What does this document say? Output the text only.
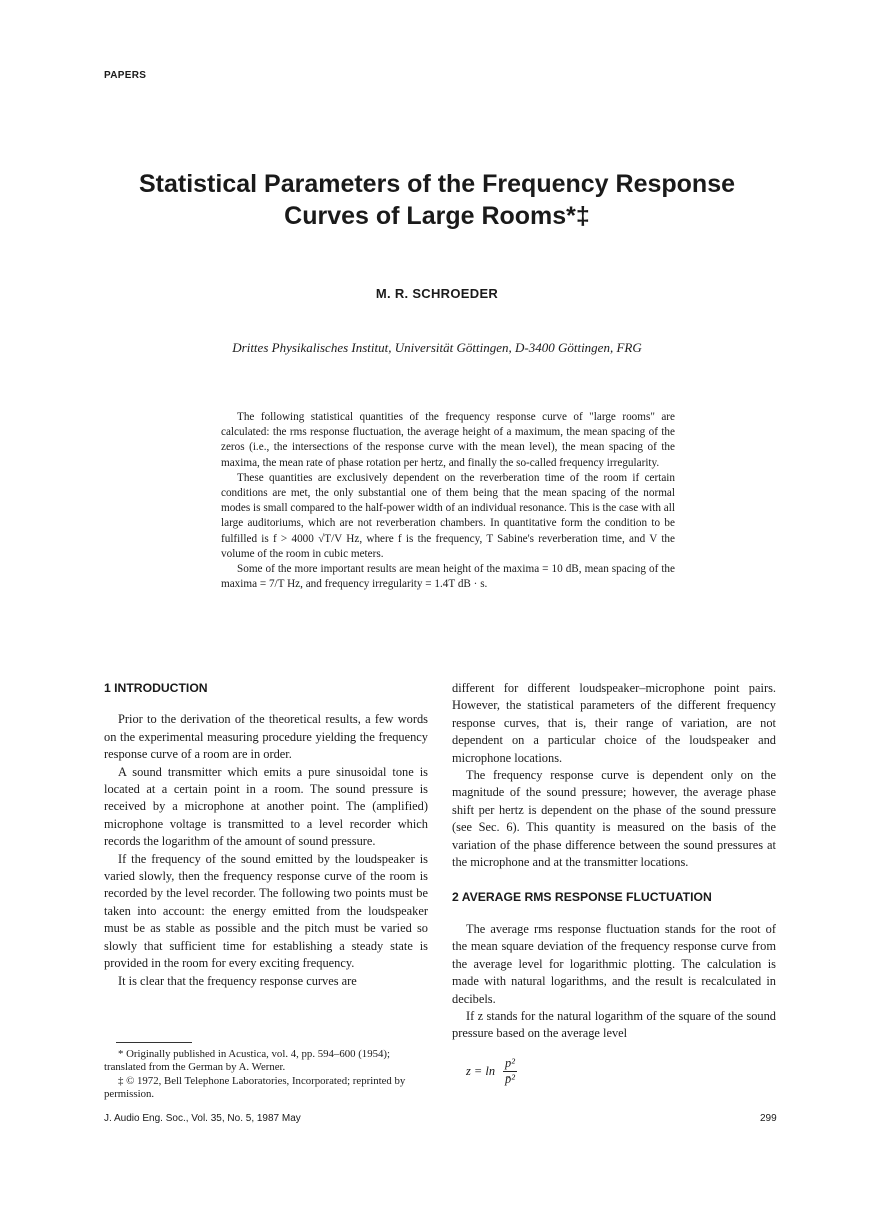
PAPERS
Statistical Parameters of the Frequency Response
Curves of Large Rooms*‡
M. R. SCHROEDER
Drittes Physikalisches Institut, Universität Göttingen, D-3400 Göttingen, FRG

The following statistical quantities of the frequency response curve of "large rooms" are calculated: the rms response fluctuation, the average height of a maximum, the mean spacing of the zeros (i.e., the intersections of the response curve with the mean level), the mean spacing of the maxima, the mean rate of phase rotation per hertz, and finally the so-called frequency irregularity.

These quantities are exclusively dependent on the reverberation time of the room if certain conditions are met, the only substantial one of them being that the mean spacing of the normal modes is small compared to the half-power width of an individual resonance. This is the case with all large auditoriums, which are not reverberation chambers. In quantitative form the condition to be fulfilled is f > 4000 √T/V Hz, where f is the frequency, T Sabine's reverberation time, and V the volume of the room in cubic meters.

Some of the more important results are mean height of the maxima = 10 dB, mean spacing of the maxima = 7/T Hz, and frequency irregularity = 1.4T dB · s.

1 INTRODUCTION

Prior to the derivation of the theoretical results, a few words on the experimental measuring procedure yielding the frequency response curve of a room are in order.

A sound transmitter which emits a pure sinusoidal tone is located at a certain point in a room. The sound pressure is received by a microphone at another point. The (amplified) microphone voltage is transmitted to a level recorder which records the logarithm of the amount of sound pressure.

If the frequency of the sound emitted by the loudspeaker is varied slowly, then the frequency response curve of the room is recorded by the level recorder. The following two points must be taken into account: the energy emitted from the loudspeaker must be as stable as possible and the pitch must be varied so slowly that sufficient time for establishing a steady state is provided in the room for every exciting frequency.

It is clear that the frequency response curves are

different for different loudspeaker–microphone point pairs. However, the statistical parameters of the different frequency response curves, that is, their range of variation, are not dependent on a particular choice of the loudspeaker and microphone locations.

The frequency response curve is dependent only on the magnitude of the sound pressure; however, the average phase shift per hertz is dependent on the phase of the sound pressure (see Sec. 6). This quantity is measured on the basis of the variation of the phase difference between the sound pressures at the microphone and at the transmitter locations.

2 AVERAGE RMS RESPONSE FLUCTUATION

The average rms response fluctuation stands for the root of the mean square deviation of the frequency response curve from the average level for logarithmic plotting. The calculation is made with natural logarithms, and the result is recalculated in decibels.

If z stands for the natural logarithm of the square of the sound pressure based on the average level

* Originally published in Acustica, vol. 4, pp. 594–600 (1954); translated from the German by A. Werner.

‡ © 1972, Bell Telephone Laboratories, Incorporated; reprinted by permission.

$z = \ln \frac{\text{p²}}{\text{p̄²}}$
J. Audio Eng. Soc., Vol. 35, No. 5, 1987 May	299
